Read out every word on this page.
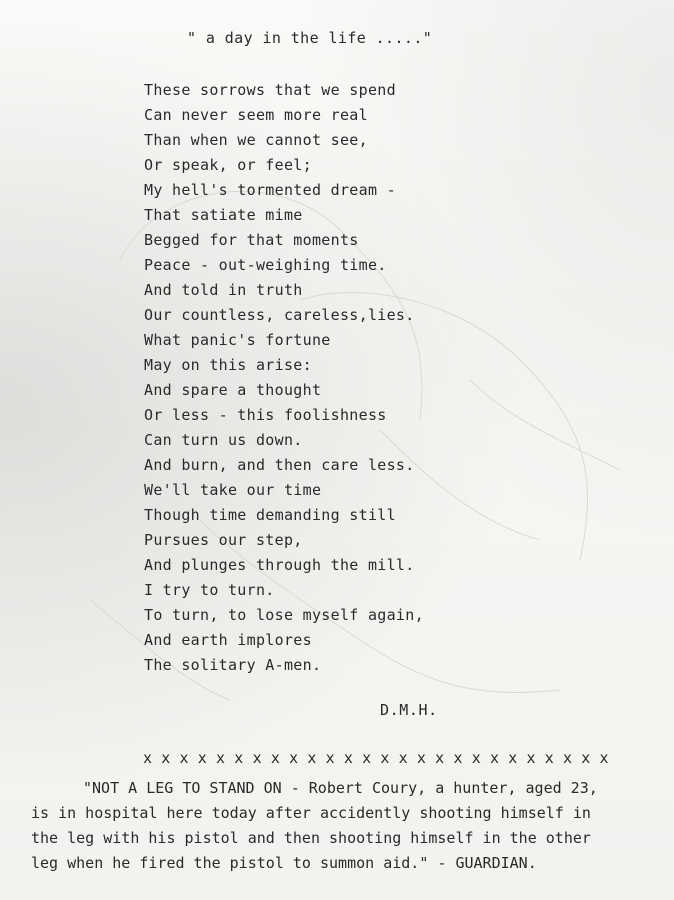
" a day in the life ....."
These sorrows that we spend
Can never seem more real
Than when we cannot see,
Or speak, or feel;
My hell's tormented dream -
That satiate mime
Begged for that moments
Peace - out-weighing time.
And told in truth
Our countless, careless,lies.
What panic's fortune
May on this arise:
And spare a thought
Or less - this foolishness
Can turn us down.
And burn, and then care less.
We'll take our time
Though time demanding still
Pursues our step,
And plunges through the mill.
I try to turn.
To turn, to lose myself again,
And earth implores
The solitary A-men.
D.M.H.
x x x x x x x x x x x x x x x x x x x x x x x x x x
"NOT A LEG TO STAND ON - Robert Coury, a hunter, aged 23,
is in hospital here today after accidently shooting himself in
the leg with his pistol and then shooting himself in the other
leg when he fired the pistol to summon aid." - GUARDIAN.
